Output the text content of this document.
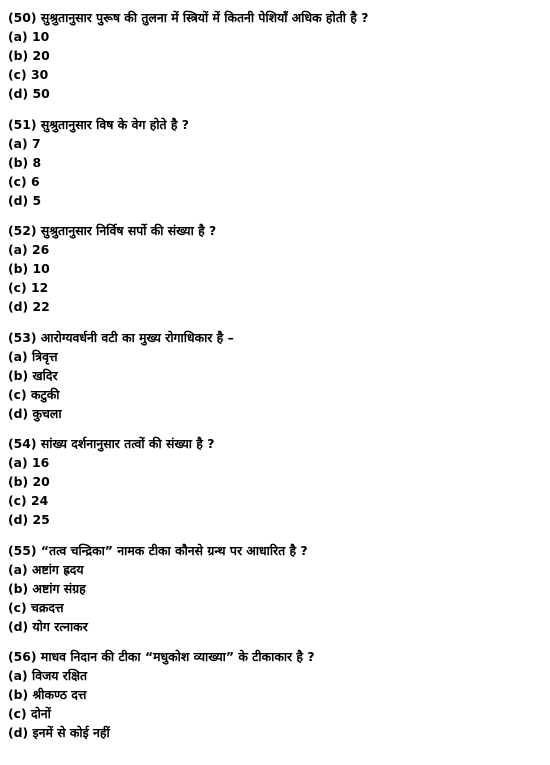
(50) सुश्रुतानुसार पुरूष की तुलना में स्त्रियों में कितनी पेशियाँ अधिक होती है ?
(a) 10
(b) 20
(c) 30
(d) 50
(51) सुश्रुतानुसार विष के वेग होते है ?
(a) 7
(b) 8
(c) 6
(d) 5
(52) सुश्रुतानुसार निर्विष सर्पो की संख्या है ?
(a) 26
(b) 10
(c) 12
(d) 22
(53) आरोग्यवर्धनी वटी का मुख्य रोगाधिकार है –
(a) त्रिवृत्त
(b) खदिर
(c) कटुकी
(d) कुचला
(54) सांख्य दर्शनानुसार तत्वों की संख्या है ?
(a) 16
(b) 20
(c) 24
(d) 25
(55) “तत्व चन्द्रिका” नामक टीका कौनसे ग्रन्थ पर आधारित है ?
(a) अष्टांग ह्रदय
(b) अष्टांग संग्रह
(c) चक्रदत्त
(d) योग रत्नाकर
(56) माधव निदान की टीका “मधुकोश व्याख्या” के टीकाकार है ?
(a) विजय रक्षित
(b) श्रीकण्ठ दत्त
(c) दोनों
(d) इनमें से कोई नहीं
